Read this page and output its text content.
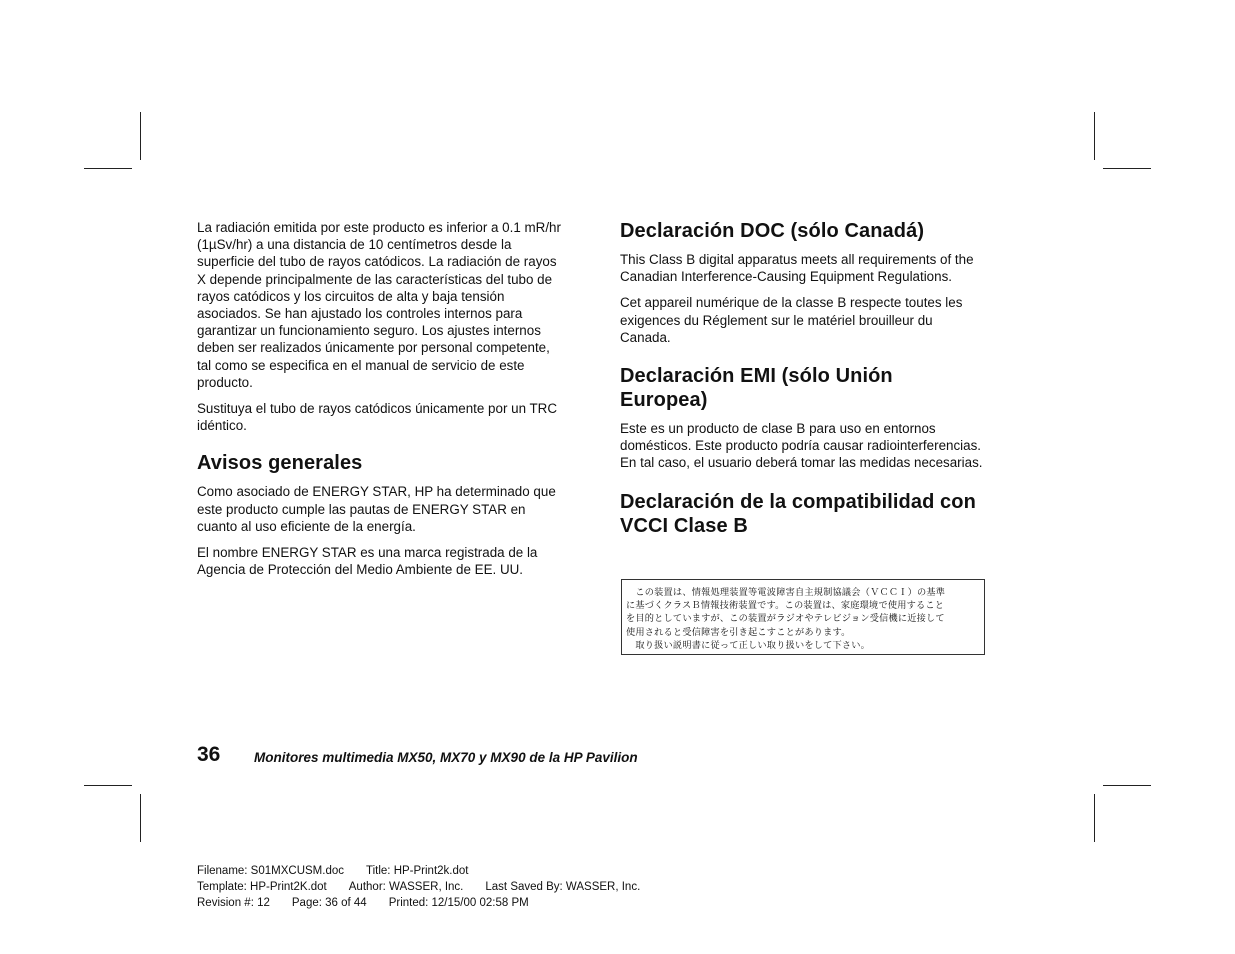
La radiación emitida por este producto es inferior a 0.1 mR/hr (1µSv/hr) a una distancia de 10 centímetros desde la superficie del tubo de rayos catódicos. La radiación de rayos X depende principalmente de las características del tubo de rayos catódicos y los circuitos de alta y baja tensión asociados. Se han ajustado los controles internos para garantizar un funcionamiento seguro. Los ajustes internos deben ser realizados únicamente por personal competente, tal como se especifica en el manual de servicio de este producto.

Sustituya el tubo de rayos catódicos únicamente por un TRC idéntico.

Avisos generales

Como asociado de ENERGY STAR, HP ha determinado que este producto cumple las pautas de ENERGY STAR en cuanto al uso eficiente de la energía.

El nombre ENERGY STAR es una marca registrada de la Agencia de Protección del Medio Ambiente de EE. UU.

Declaración DOC (sólo Canadá)

This Class B digital apparatus meets all requirements of the Canadian Interference-Causing Equipment Regulations.

Cet appareil numérique de la classe B respecte toutes les exigences du Réglement sur le matériel brouilleur du Canada.

Declaración EMI (sólo Unión Europea)

Este es un producto de clase B para uso en entornos domésticos. Este producto podría causar radiointerferencias. En tal caso, el usuario deberá tomar las medidas necesarias.

Declaración de la compatibilidad con VCCI Clase B
　この装置は、情報処理装置等電波障害自主規制協議会（ＶＣＣＩ）の基準
に基づくクラスＢ情報技術装置です。この装置は、家庭環境で使用すること
を目的としていますが、この装置がラジオやテレビジョン受信機に近接して
使用されると受信障害を引き起こすことがあります。
　取り扱い説明書に従って正しい取り扱いをして下さい。
36 Monitores multimedia MX50, MX70 y MX90 de la HP Pavilion
Filename: S01MXCUSM.doc Title: HP-Print2k.dot
Template: HP-Print2K.dot Author: WASSER, Inc. Last Saved By: WASSER, Inc.
Revision #: 12 Page: 36 of 44 Printed: 12/15/00 02:58 PM
